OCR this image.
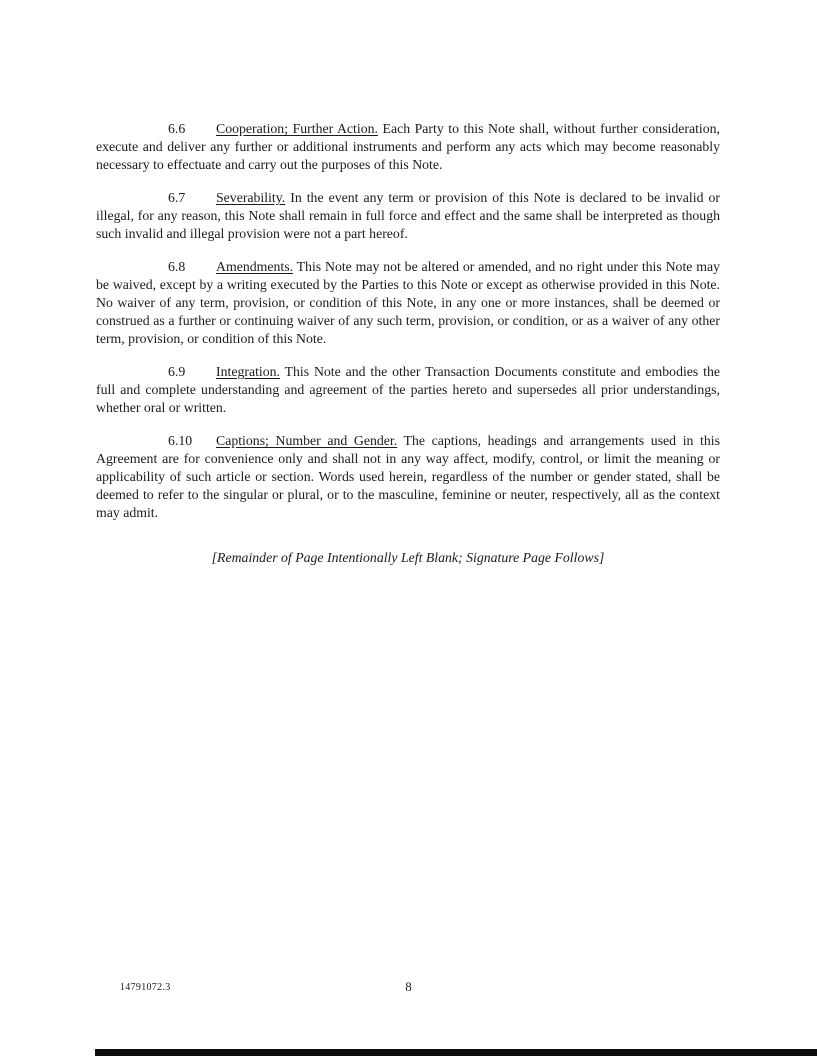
6.6 Cooperation; Further Action. Each Party to this Note shall, without further consideration, execute and deliver any further or additional instruments and perform any acts which may become reasonably necessary to effectuate and carry out the purposes of this Note.

6.7 Severability. In the event any term or provision of this Note is declared to be invalid or illegal, for any reason, this Note shall remain in full force and effect and the same shall be interpreted as though such invalid and illegal provision were not a part hereof.

6.8 Amendments. This Note may not be altered or amended, and no right under this Note may be waived, except by a writing executed by the Parties to this Note or except as otherwise provided in this Note. No waiver of any term, provision, or condition of this Note, in any one or more instances, shall be deemed or construed as a further or continuing waiver of any such term, provision, or condition, or as a waiver of any other term, provision, or condition of this Note.

6.9 Integration. This Note and the other Transaction Documents constitute and embodies the full and complete understanding and agreement of the parties hereto and supersedes all prior understandings, whether oral or written.

6.10 Captions; Number and Gender. The captions, headings and arrangements used in this Agreement are for convenience only and shall not in any way affect, modify, control, or limit the meaning or applicability of such article or section. Words used herein, regardless of the number or gender stated, shall be deemed to refer to the singular or plural, or to the masculine, feminine or neuter, respectively, all as the context may admit.

[Remainder of Page Intentionally Left Blank; Signature Page Follows]

8
14791072.3
